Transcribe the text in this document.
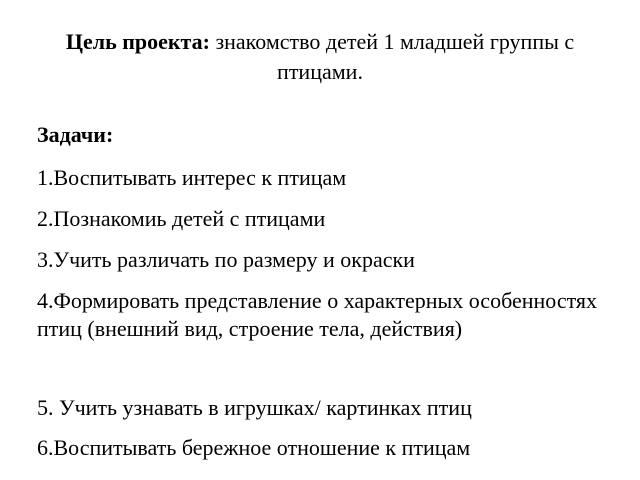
Цель проекта: знакомство детей 1 младшей группы с птицами.
Задачи:
1.Воспитывать интерес к птицам
2.Познакомиь детей с птицами
3.Учить различать по размеру и окраски
4.Формировать представление о характерных особенностях птиц (внешний вид, строение тела, действия)
5. Учить узнавать в игрушках/ картинках птиц
6.Воспитывать бережное отношение к птицам
